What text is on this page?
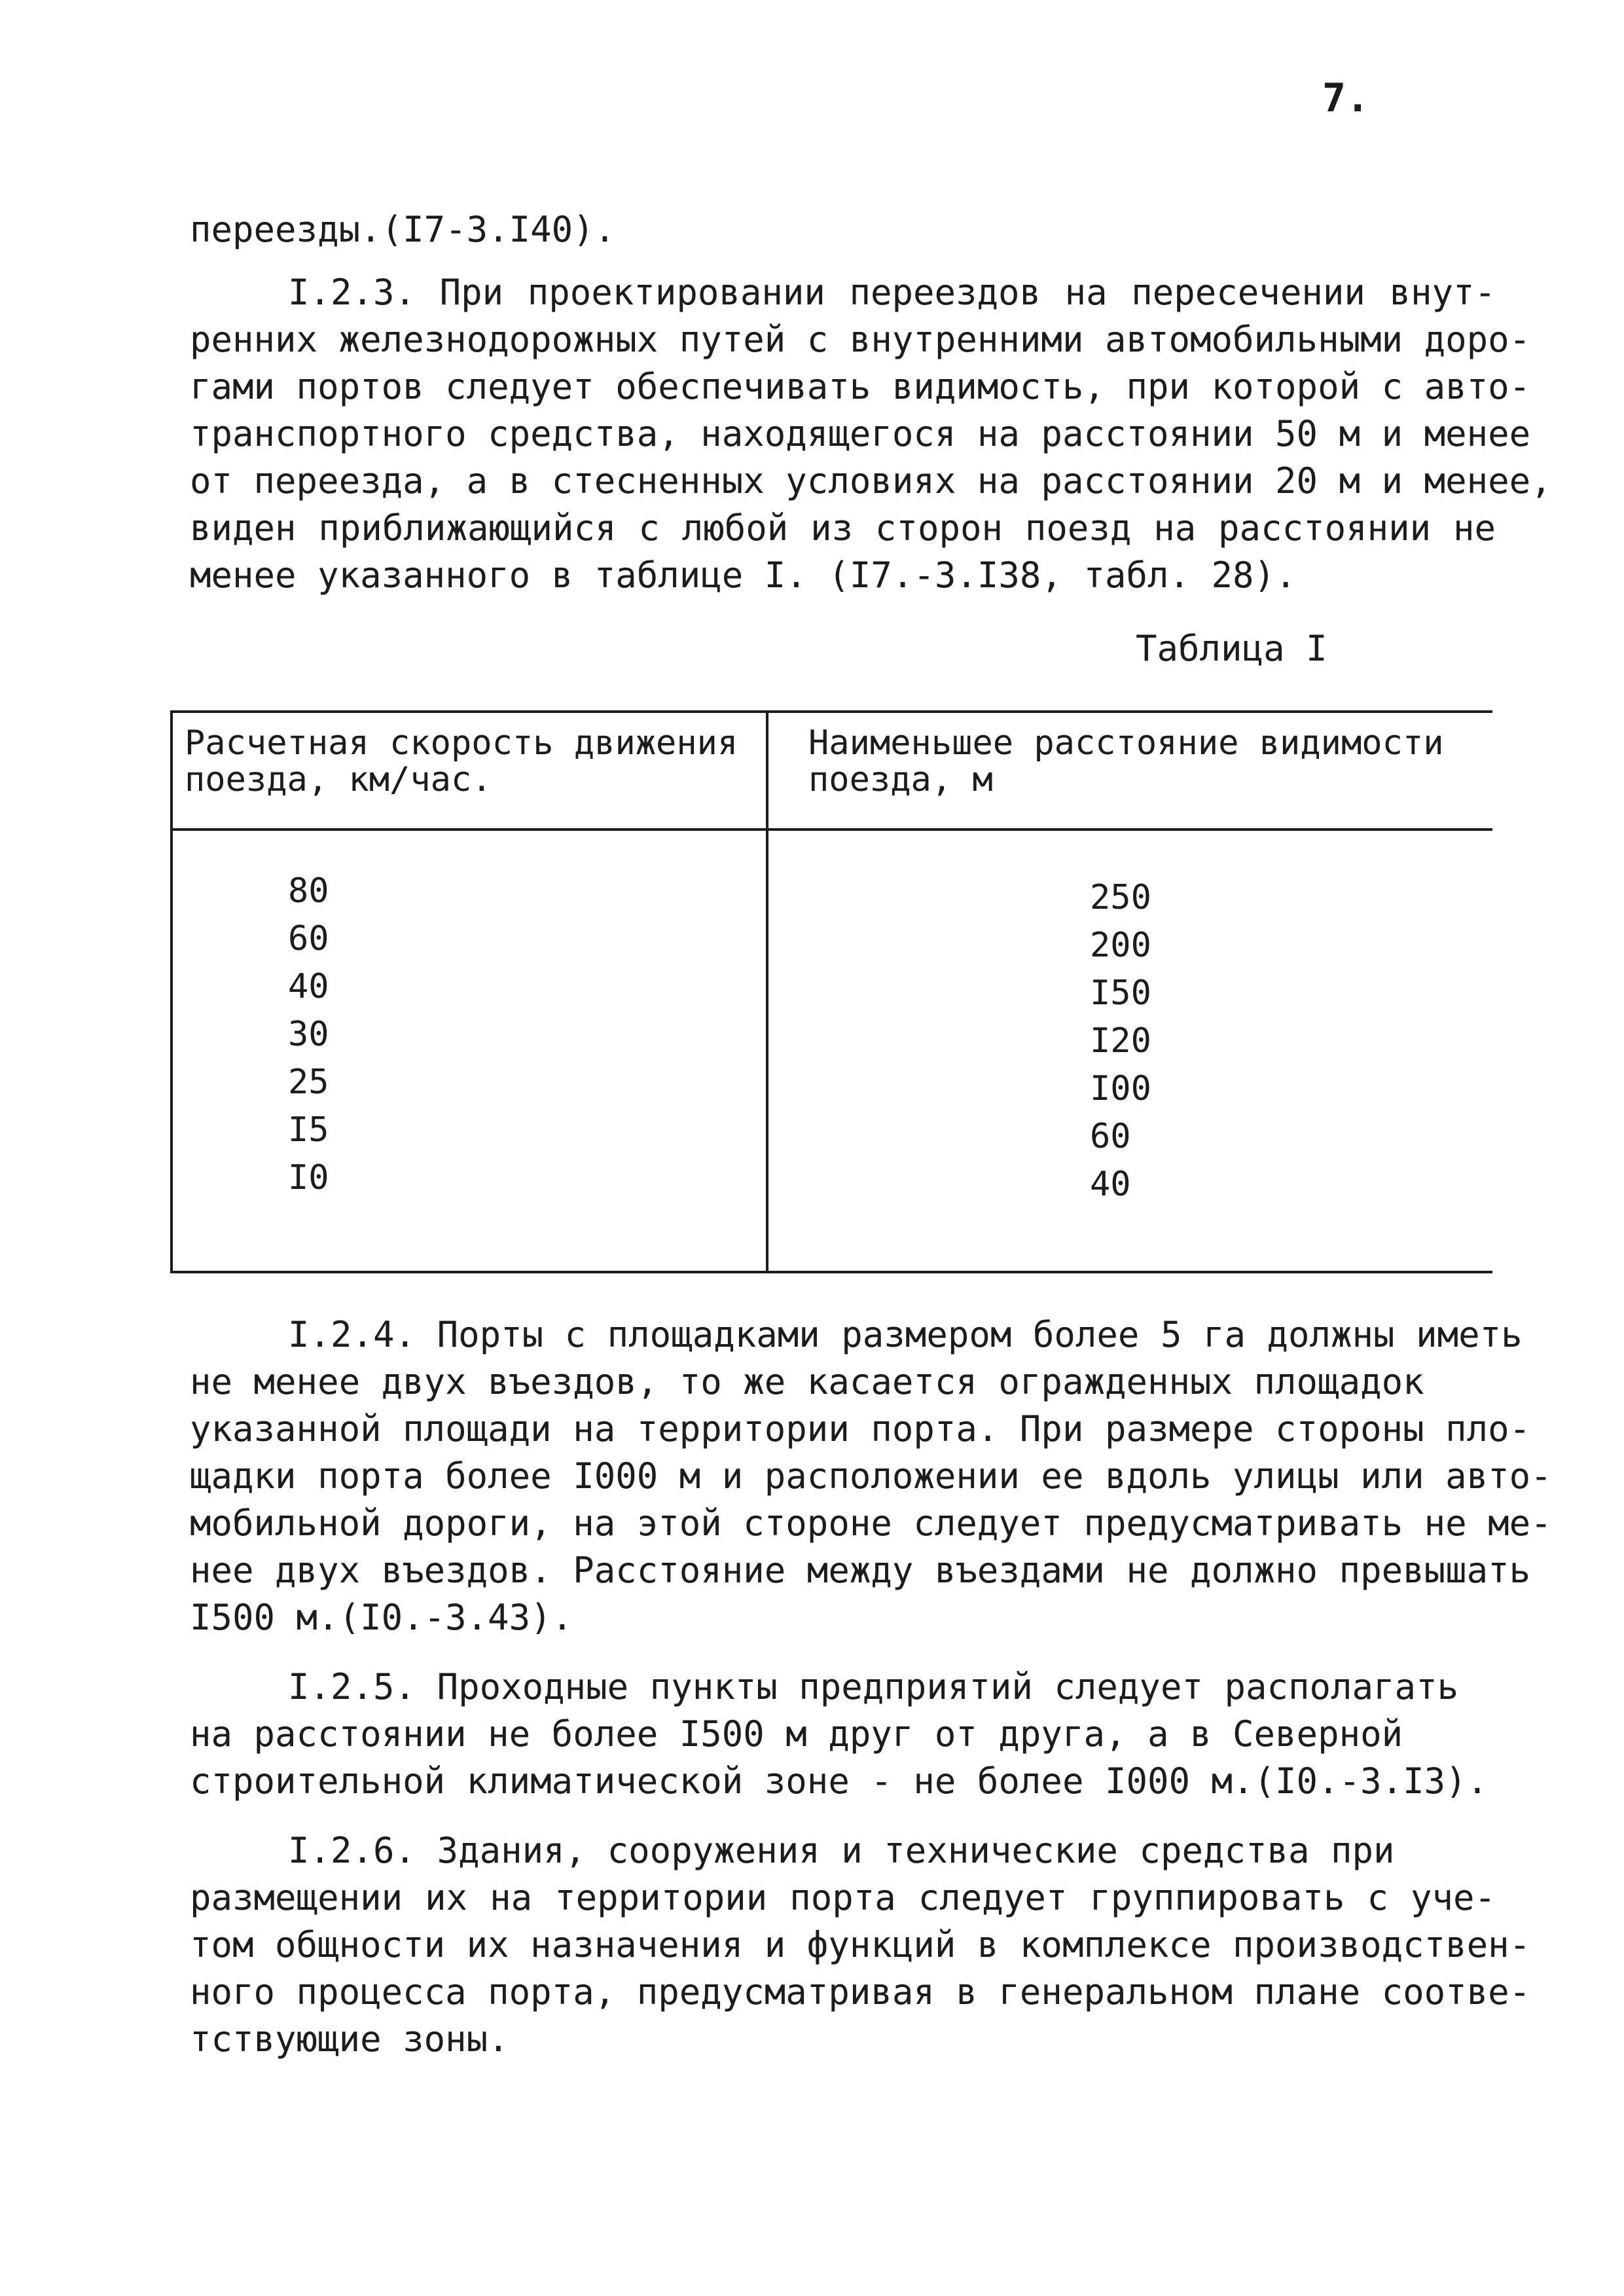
7.
переезды.(I7-3.I40).
I.2.3. При проектировании переездов на пересечении внут-
ренних железнодорожных путей с внутренними автомобильными доро-
гами портов следует обеспечивать видимость, при которой с авто-
транспортного средства, находящегося на расстоянии 50 м и менее
от переезда, а в стесненных условиях на расстоянии 20 м и менее,
виден приближающийся с любой из сторон поезд на расстоянии не
менее указанного в таблице I. (I7.-3.I38, табл. 28).
Таблица I
Расчетная скорость движения
поезда, км/час.
Наименьшее расстояние видимости
поезда, м
80
60
40
30
25
I5
I0
250
200
I50
I20
I00
60
40
I.2.4. Порты с площадками размером более 5 га должны иметь
не менее двух въездов, то же касается огражденных площадок
указанной площади на территории порта. При размере стороны пло-
щадки порта более I000 м и расположении ее вдоль улицы или авто-
мобильной дороги, на этой стороне следует предусматривать не ме-
нее двух въездов. Расстояние между въездами не должно превышать
I500 м.(I0.-3.43).
I.2.5. Проходные пункты предприятий следует располагать
на расстоянии не более I500 м друг от друга, а в Северной
строительной климатической зоне - не более I000 м.(I0.-3.I3).
I.2.6. Здания, сооружения и технические средства при
размещении их на территории порта следует группировать с уче-
том общности их назначения и функций в комплексе производствен-
ного процесса порта, предусматривая в генеральном плане соотве-
тствующие зоны.
